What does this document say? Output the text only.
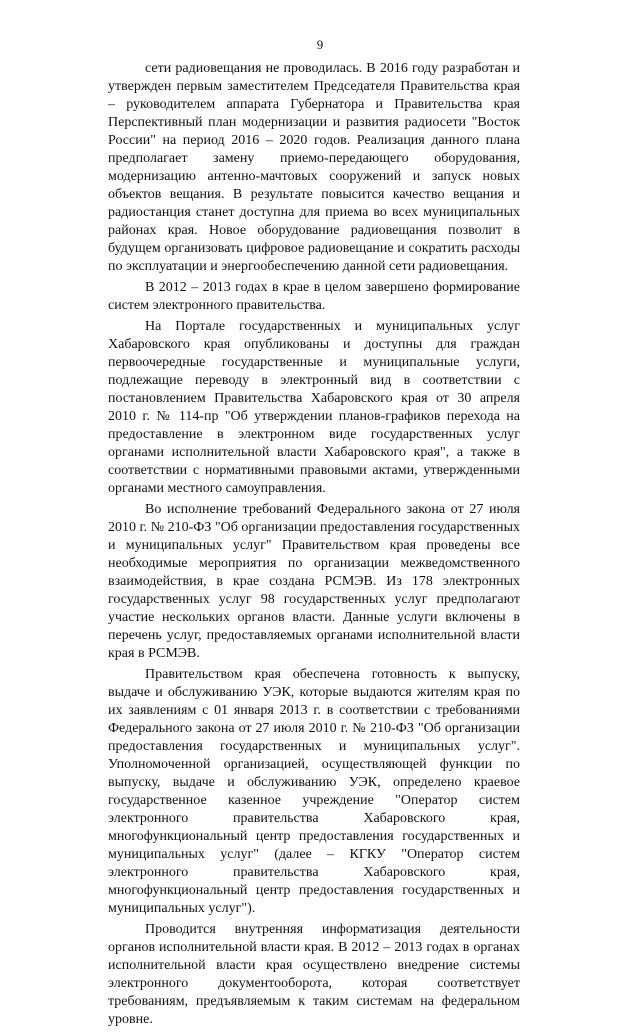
9

сети радиовещания не проводилась. В 2016 году разработан и утвержден первым заместителем Председателя Правительства края – руководителем аппарата Губернатора и Правительства края Перспективный план модернизации и развития радиосети "Восток России" на период 2016 – 2020 годов. Реализация данного плана предполагает замену приемо-передающего оборудования, модернизацию антенно-мачтовых сооружений и запуск новых объектов вещания. В результате повысится качество вещания и радиостанция станет доступна для приема во всех муниципальных районах края. Новое оборудование радиовещания позволит в будущем организовать цифровое радиовещание и сократить расходы по эксплуатации и энергообеспечению данной сети радиовещания.

В 2012 – 2013 годах в крае в целом завершено формирование систем электронного правительства.

На Портале государственных и муниципальных услуг Хабаровского края опубликованы и доступны для граждан первоочередные государственные и муниципальные услуги, подлежащие переводу в электронный вид в соответствии с постановлением Правительства Хабаровского края от 30 апреля 2010 г. № 114-пр "Об утверждении планов-графиков перехода на предоставление в электронном виде государственных услуг органами исполнительной власти Хабаровского края", а также в соответствии с нормативными правовыми актами, утвержденными органами местного самоуправления.

Во исполнение требований Федерального закона от 27 июля 2010 г. № 210-ФЗ "Об организации предоставления государственных и муниципальных услуг" Правительством края проведены все необходимые мероприятия по организации межведомственного взаимодействия, в крае создана РСМЭВ. Из 178 электронных государственных услуг 98 государственных услуг предполагают участие нескольких органов власти. Данные услуги включены в перечень услуг, предоставляемых органами исполнительной власти края в РСМЭВ.

Правительством края обеспечена готовность к выпуску, выдаче и обслуживанию УЭК, которые выдаются жителям края по их заявлениям с 01 января 2013 г. в соответствии с требованиями Федерального закона от 27 июля 2010 г. № 210-ФЗ "Об организации предоставления государственных и муниципальных услуг". Уполномоченной организацией, осуществляющей функции по выпуску, выдаче и обслуживанию УЭК, определено краевое государственное казенное учреждение "Оператор систем электронного правительства Хабаровского края, многофункциональный центр предоставления государственных и муниципальных услуг" (далее – КГКУ "Оператор систем электронного правительства Хабаровского края, многофункциональный центр предоставления государственных и муниципальных услуг").

Проводится внутренняя информатизация деятельности органов исполнительной власти края. В 2012 – 2013 годах в органах исполнительной власти края осуществлено внедрение системы электронного документооборота, которая соответствует требованиям, предъявляемым к таким системам на федеральном уровне.
